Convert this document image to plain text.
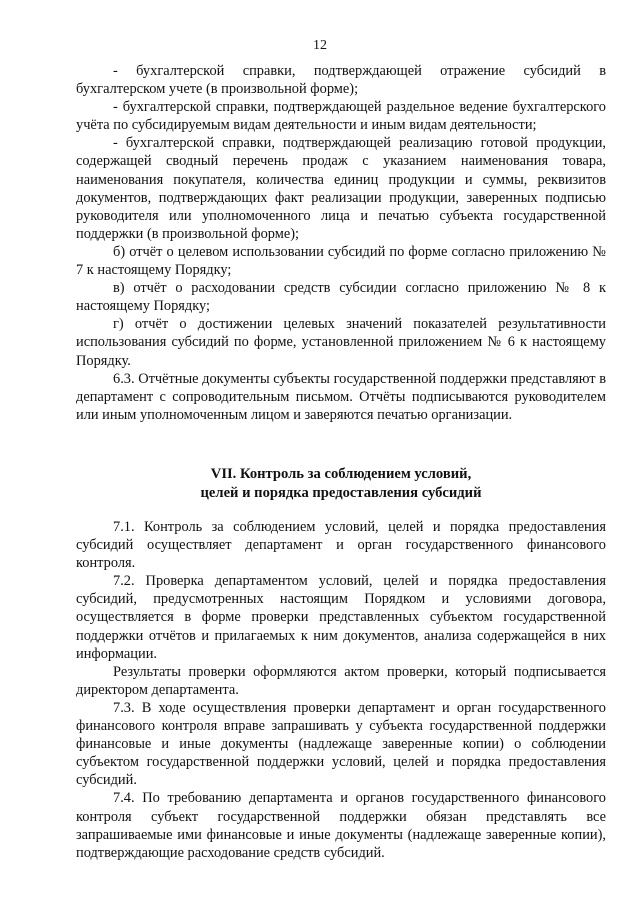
12

- бухгалтерской справки, подтверждающей отражение субсидий в бухгалтерском учете (в произвольной форме);

- бухгалтерской справки, подтверждающей раздельное ведение бухгалтерского учёта по субсидируемым видам деятельности и иным видам деятельности;

- бухгалтерской справки, подтверждающей реализацию готовой продукции, содержащей сводный перечень продаж с указанием наименования товара, наименования покупателя, количества единиц продукции и суммы, реквизитов документов, подтверждающих факт реализации продукции, заверенных подписью руководителя или уполномоченного лица и печатью субъекта государственной поддержки (в произвольной форме);

б) отчёт о целевом использовании субсидий по форме согласно приложению № 7 к настоящему Порядку;

в) отчёт о расходовании средств субсидии согласно приложению № 8 к настоящему Порядку;

г) отчёт о достижении целевых значений показателей результативности использования субсидий по форме, установленной приложением № 6 к настоящему Порядку.

6.3. Отчётные документы субъекты государственной поддержки представляют в департамент с сопроводительным письмом. Отчёты подписываются руководителем или иным уполномоченным лицом и заверяются печатью организации.

VII. Контроль за соблюдением условий,
целей и порядка предоставления субсидий

7.1. Контроль за соблюдением условий, целей и порядка предоставления субсидий осуществляет департамент и орган государственного финансового контроля.

7.2. Проверка департаментом условий, целей и порядка предоставления субсидий, предусмотренных настоящим Порядком и условиями договора, осуществляется в форме проверки представленных субъектом государственной поддержки отчётов и прилагаемых к ним документов, анализа содержащейся в них информации.

Результаты проверки оформляются актом проверки, который подписывается директором департамента.

7.3. В ходе осуществления проверки департамент и орган государственного финансового контроля вправе запрашивать у субъекта государственной поддержки финансовые и иные документы (надлежаще заверенные копии) о соблюдении субъектом государственной поддержки условий, целей и порядка предоставления субсидий.

7.4. По требованию департамента и органов государственного финансового контроля субъект государственной поддержки обязан представлять все запрашиваемые ими финансовые и иные документы (надлежаще заверенные копии), подтверждающие расходование средств субсидий.
